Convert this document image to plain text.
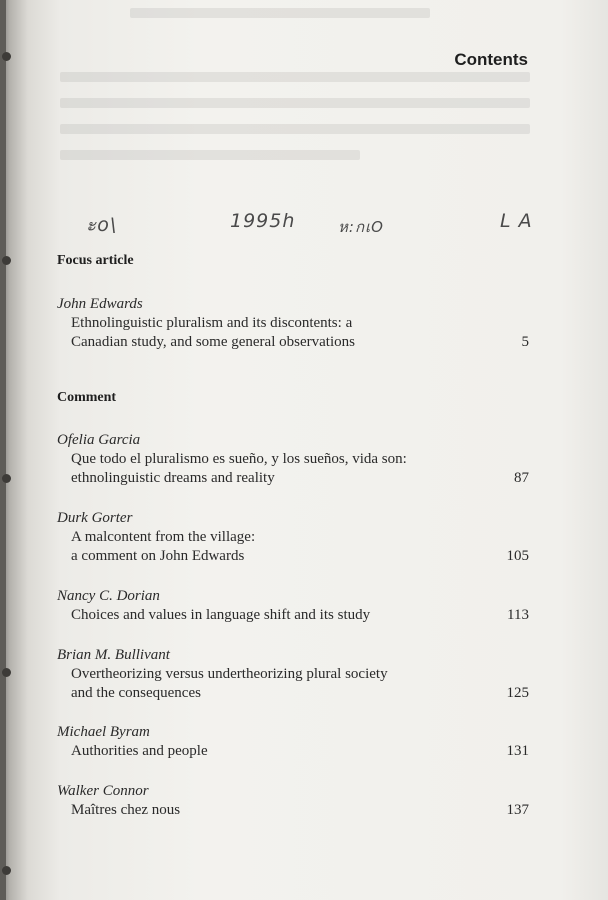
Contents
ะo\	1995h	ห:กเO	L A
Focus article
John Edwards
Ethnolinguistic pluralism and its discontents: a
Canadian study, and some general observations	5
Comment
Ofelia Garcia
Que todo el pluralismo es sueño, y los sueños, vida son:
ethnolinguistic dreams and reality	87
Durk Gorter
A malcontent from the village:
a comment on John Edwards	105
Nancy C. Dorian
Choices and values in language shift and its study	113
Brian M. Bullivant
Overtheorizing versus undertheorizing plural society
and the consequences	125
Michael Byram
Authorities and people	131
Walker Connor
Maîtres chez nous	137
